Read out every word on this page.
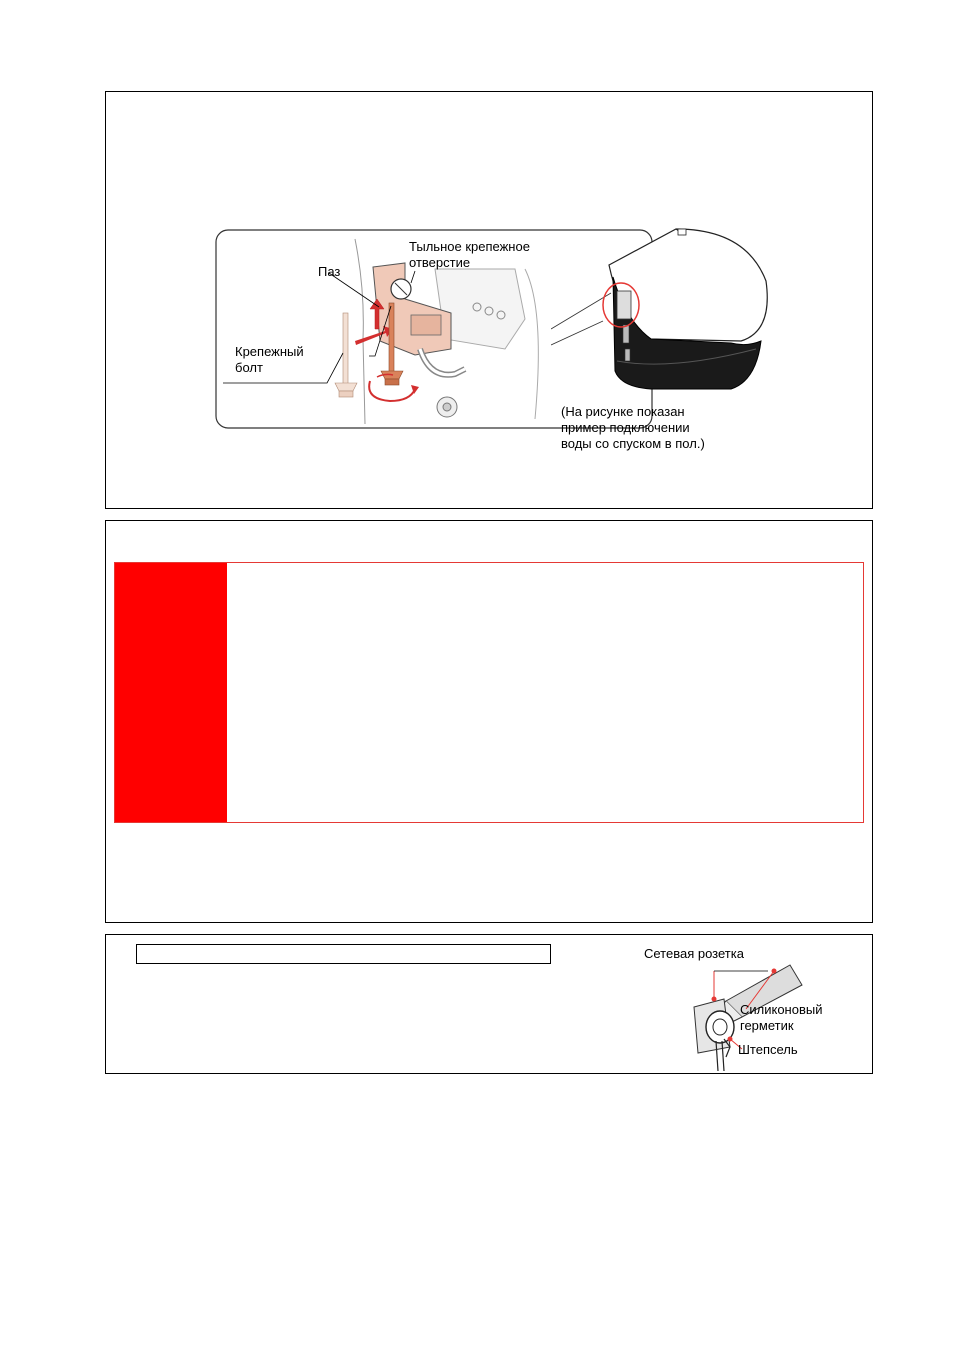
Тыльное крепежное
отверстие
Паз
Крепежный
болт
(На рисунке показан
пример подключении
воды со спуском в пол.)
Сетевая розетка
Силиконовый
герметик
Штепсель
